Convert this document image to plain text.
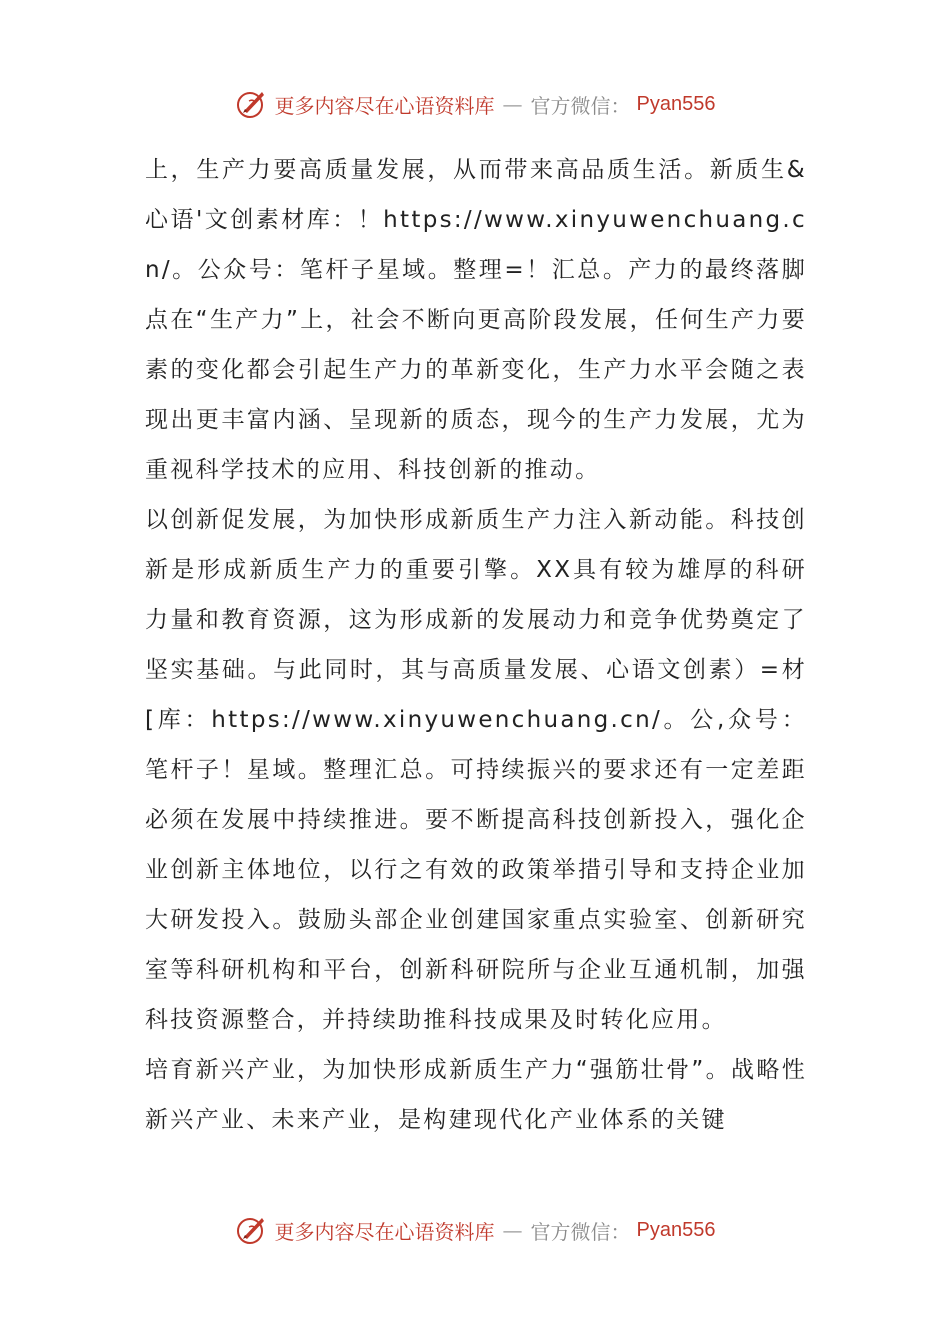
更多内容尽在心语资料库 — 官方微信： Pyan556

上，生产力要高质量发展，从而带来高品质生活。新质生&心语'文创素材库：！https://www.xinyuwenchuang.cn/。公众号：笔杆子星域。整理=！汇总。产力的最终落脚点在“生产力”上，社会不断向更高阶段发展，任何生产力要素的变化都会引起生产力的革新变化，生产力水平会随之表现出更丰富内涵、呈现新的质态，现今的生产力发展，尤为重视科学技术的应用、科技创新的推动。

以创新促发展，为加快形成新质生产力注入新动能。科技创新是形成新质生产力的重要引擎。XX具有较为雄厚的科研力量和教育资源，这为形成新的发展动力和竞争优势奠定了坚实基础。与此同时，其与高质量发展、心语文创素）=材[库：https://www.xinyuwenchuang.cn/。公,众号：笔杆子！星域。整理汇总。可持续振兴的要求还有一定差距必须在发展中持续推进。要不断提高科技创新投入，强化企业创新主体地位，以行之有效的政策举措引导和支持企业加大研发投入。鼓励头部企业创建国家重点实验室、创新研究室等科研机构和平台，创新科研院所与企业互通机制，加强科技资源整合，并持续助推科技成果及时转化应用。

培育新兴产业，为加快形成新质生产力“强筋壮骨”。战略性新兴产业、未来产业，是构建现代化产业体系的关键

更多内容尽在心语资料库 — 官方微信： Pyan556
